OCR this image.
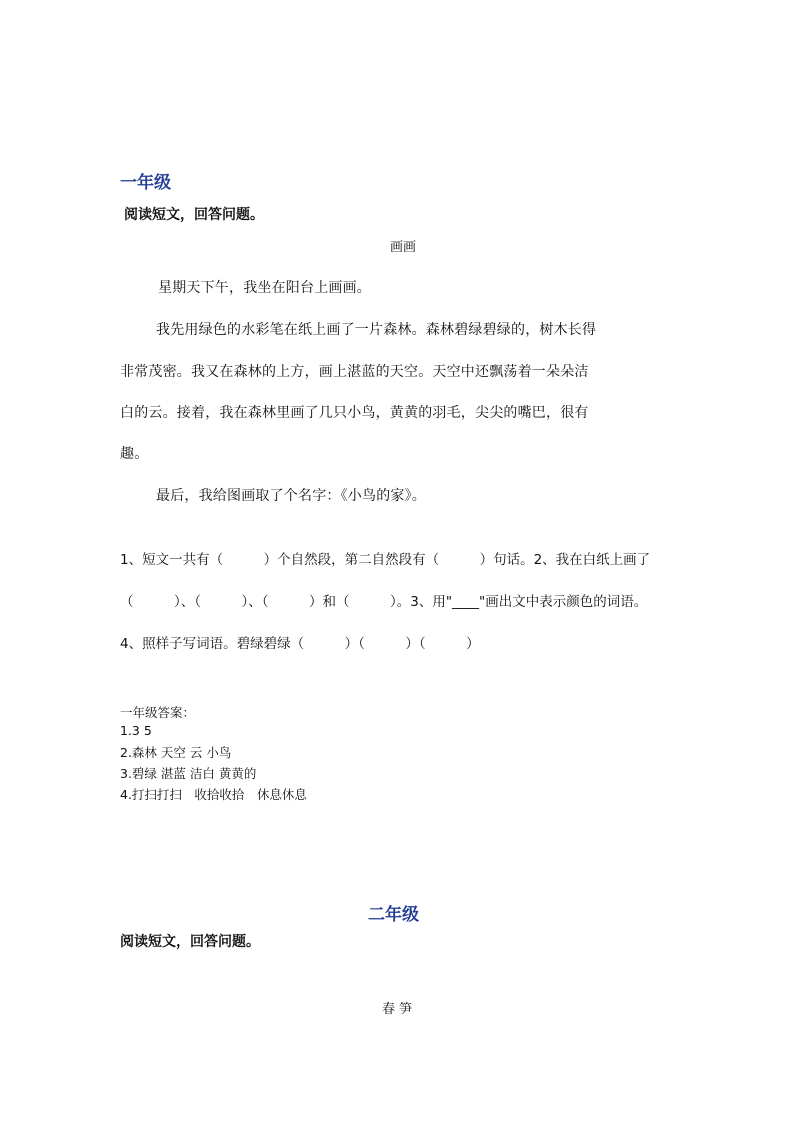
一年级
阅读短文，回答问题。
画画
星期天下午，我坐在阳台上画画。
我先用绿色的水彩笔在纸上画了一片森林。森林碧绿碧绿的，树木长得
非常茂密。我又在森林的上方，画上湛蓝的天空。天空中还飘荡着一朵朵洁
白的云。接着，我在森林里画了几只小鸟，黄黄的羽毛，尖尖的嘴巴，很有
趣。
最后，我给图画取了个名字：《小鸟的家》。
1、短文一共有（　　　）个自然段，第二自然段有（　　　）句话。2、我在白纸上画了
（　　　）、（　　　）、（　　　）和（　　　）。3、用"____"画出文中表示颜色的词语。
4、照样子写词语。碧绿碧绿（　　　）（　　　）（　　　）
一年级答案：
1.3 5
2.森林 天空 云 小鸟
3.碧绿 湛蓝 洁白 黄黄的
4.打扫打扫　收拾收拾　休息休息
二年级
阅读短文，回答问题。
春 笋
